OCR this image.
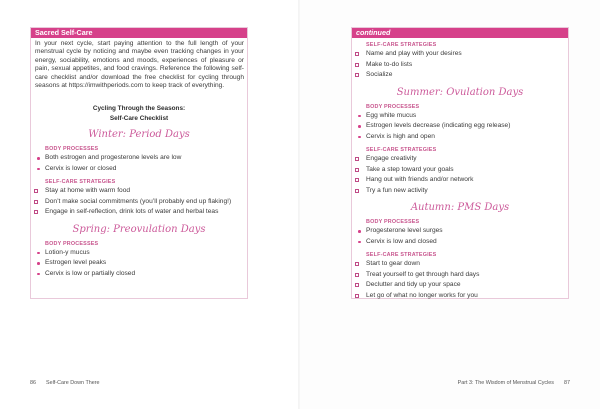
Sacred Self-Care
In your next cycle, start paying attention to the full length of your menstrual cycle by noticing and maybe even tracking changes in your energy, sociability, emotions and moods, experiences of pleasure or pain, sexual appetites, and food cravings. Reference the following self-care checklist and/or download the free checklist for cycling through seasons at https://imwithperiods.com to keep track of everything.
Cycling Through the Seasons:
Self-Care Checklist
Winter: Period Days
BODY PROCESSES
Both estrogen and progesterone levels are low
Cervix is lower or closed
SELF-CARE STRATEGIES
Stay at home with warm food
Don’t make social commitments (you’ll probably end up flaking!)
Engage in self-reflection, drink lots of water and herbal teas
Spring: Preovulation Days
BODY PROCESSES
Lotion-y mucus
Estrogen level peaks
Cervix is low or partially closed
86 Self-Care Down There
continued
SELF-CARE STRATEGIES
Name and play with your desires
Make to-do lists
Socialize
Summer: Ovulation Days
BODY PROCESSES
Egg white mucus
Estrogen levels decrease (indicating egg release)
Cervix is high and open
SELF-CARE STRATEGIES
Engage creativity
Take a step toward your goals
Hang out with friends and/or network
Try a fun new activity
Autumn: PMS Days
BODY PROCESSES
Progesterone level surges
Cervix is low and closed
SELF-CARE STRATEGIES
Start to gear down
Treat yourself to get through hard days
Declutter and tidy up your space
Let go of what no longer works for you
Part 3: The Wisdom of Menstrual Cycles 87
